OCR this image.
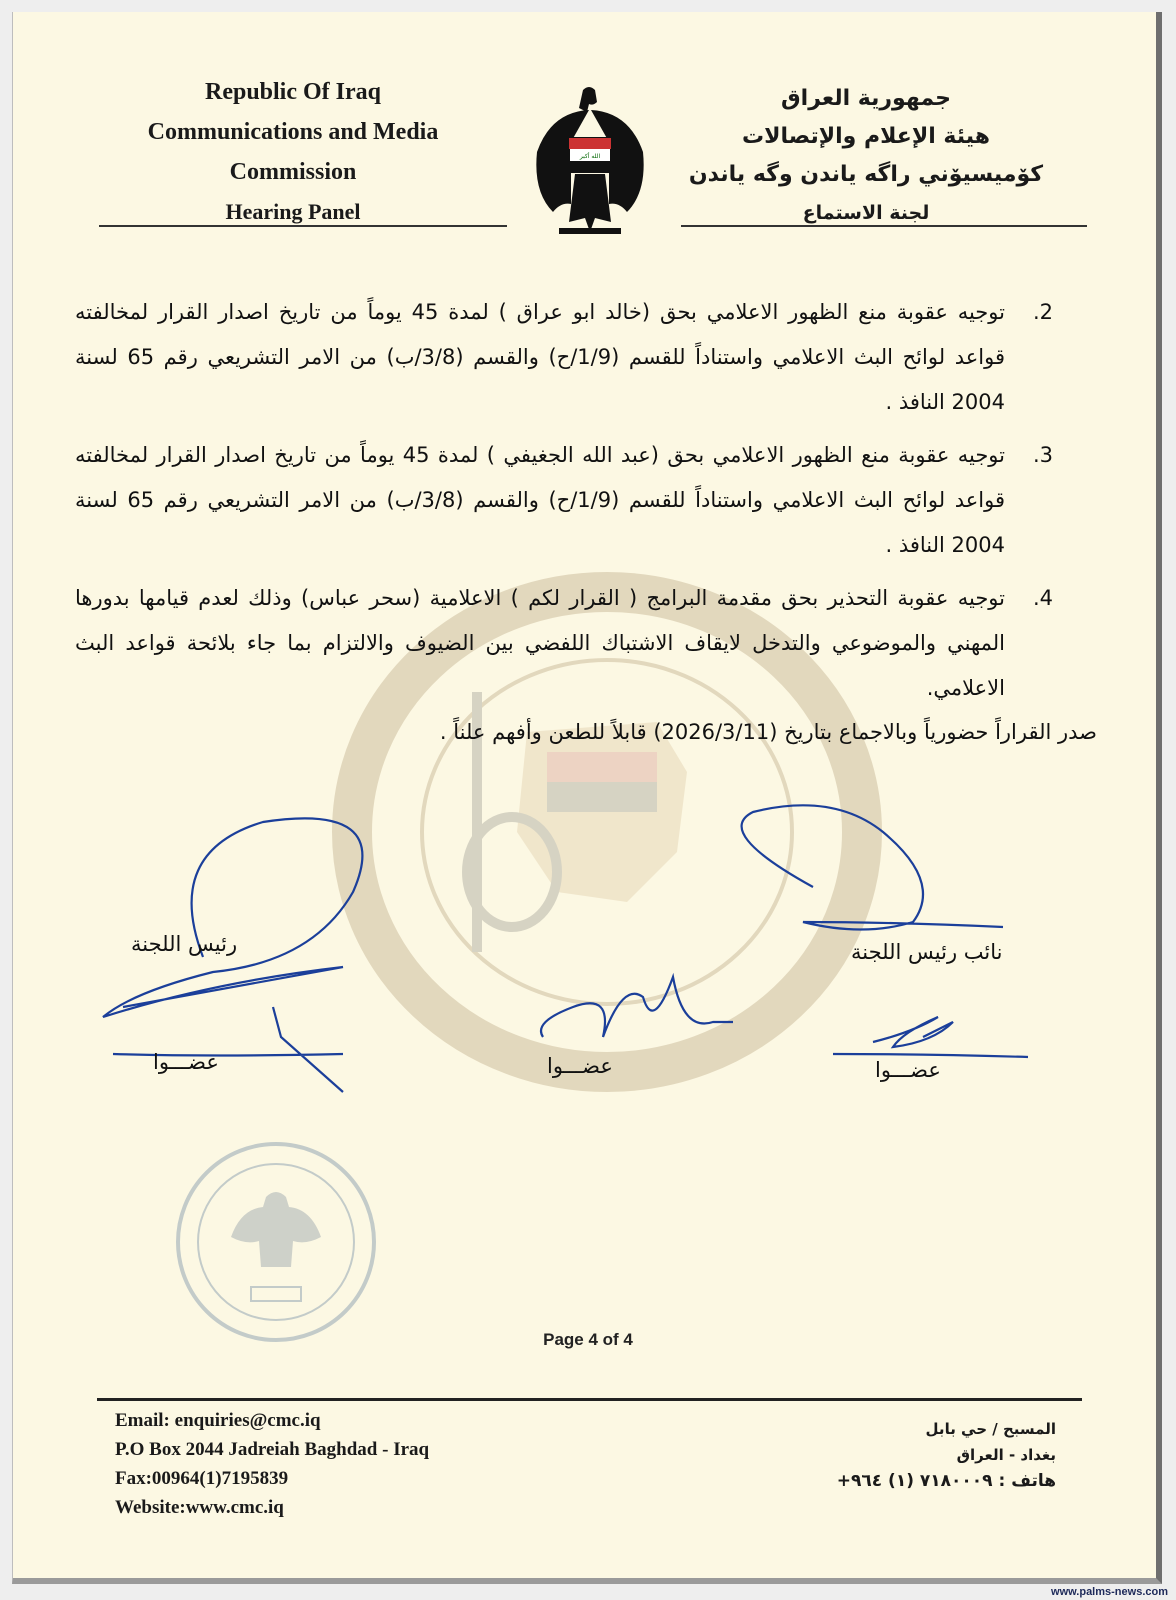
Republic Of Iraq
Communications and Media
Commission
Hearing Panel
الله أكبر
جمهورية العراق
هيئة الإعلام والإتصالات
كۆميسيۆني راگه ياندن وگه ياندن
لجنة الاستماع
2.
توجيه عقوبة منع الظهور الاعلامي بحق (خالد ابو عراق ) لمدة 45 يوماً من تاريخ اصدار القرار لمخالفته قواعد لوائح البث الاعلامي واستناداً للقسم (1/9/ح) والقسم (3/8/ب) من الامر التشريعي رقم 65 لسنة 2004 النافذ .
3.
توجيه عقوبة منع الظهور الاعلامي بحق (عبد الله الجغيفي ) لمدة 45 يوماً من تاريخ اصدار القرار لمخالفته قواعد لوائح البث الاعلامي واستناداً للقسم (1/9/ح) والقسم (3/8/ب) من الامر التشريعي رقم 65 لسنة 2004 النافذ .
4.
توجيه عقوبة التحذير بحق مقدمة البرامج ( القرار لكم ) الاعلامية (سحر عباس) وذلك لعدم قيامها بدورها المهني والموضوعي والتدخل لايقاف الاشتباك اللفضي بين الضيوف والالتزام بما جاء بلائحة قواعد البث الاعلامي.
صدر القراراً حضورياً وبالاجماع بتاريخ (2026/3/11) قابلاً للطعن وأفهم علناً .
رئيس اللجنة	نائب رئيس اللجنة
عضـــوا	عضـــوا	عضـــوا
Page 4 of 4
Email: enquiries@cmc.iq
P.O Box 2044 Jadreiah Baghdad - Iraq
Fax:00964(1)7195839
Website:www.cmc.iq
المسبح / حي بابل
بغداد - العراق
هاتف : ٧١٨٠٠٠٩ (١) ٩٦٤+
www.palms-news.com
